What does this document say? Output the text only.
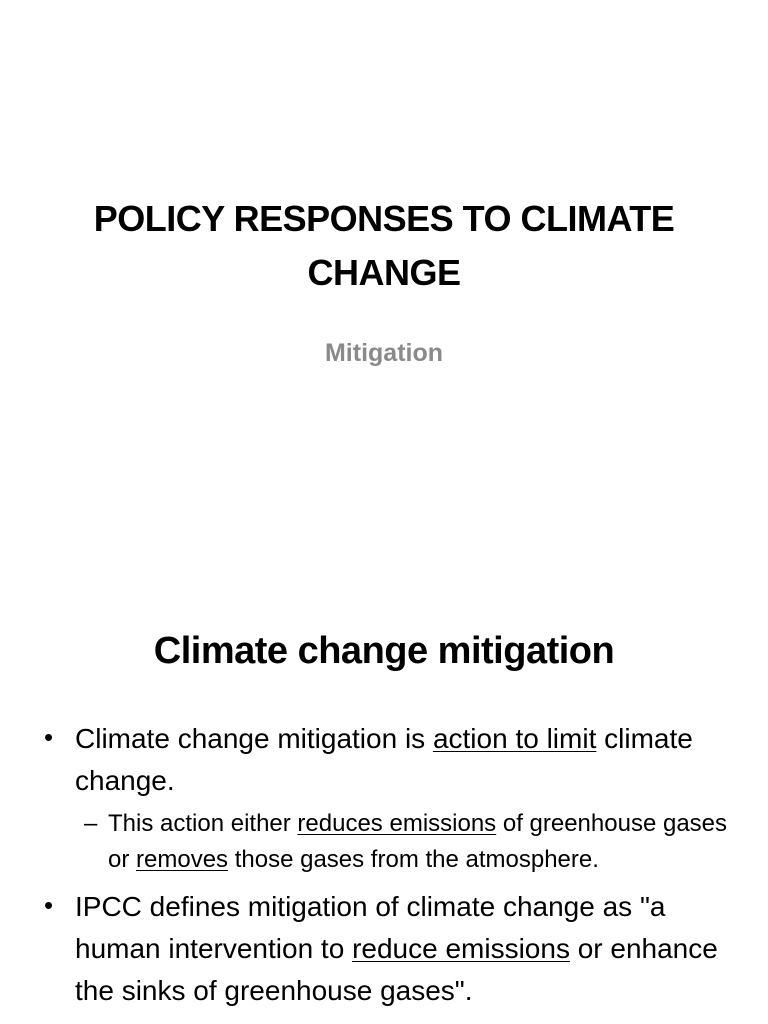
POLICY RESPONSES TO CLIMATE CHANGE

Mitigation

Climate change mitigation
• Climate change mitigation is action to limit climate change.
– This action either reduces emissions of greenhouse gases or removes those gases from the atmosphere.
• IPCC defines mitigation of climate change as "a human intervention to reduce emissions or enhance the sinks of greenhouse gases".
